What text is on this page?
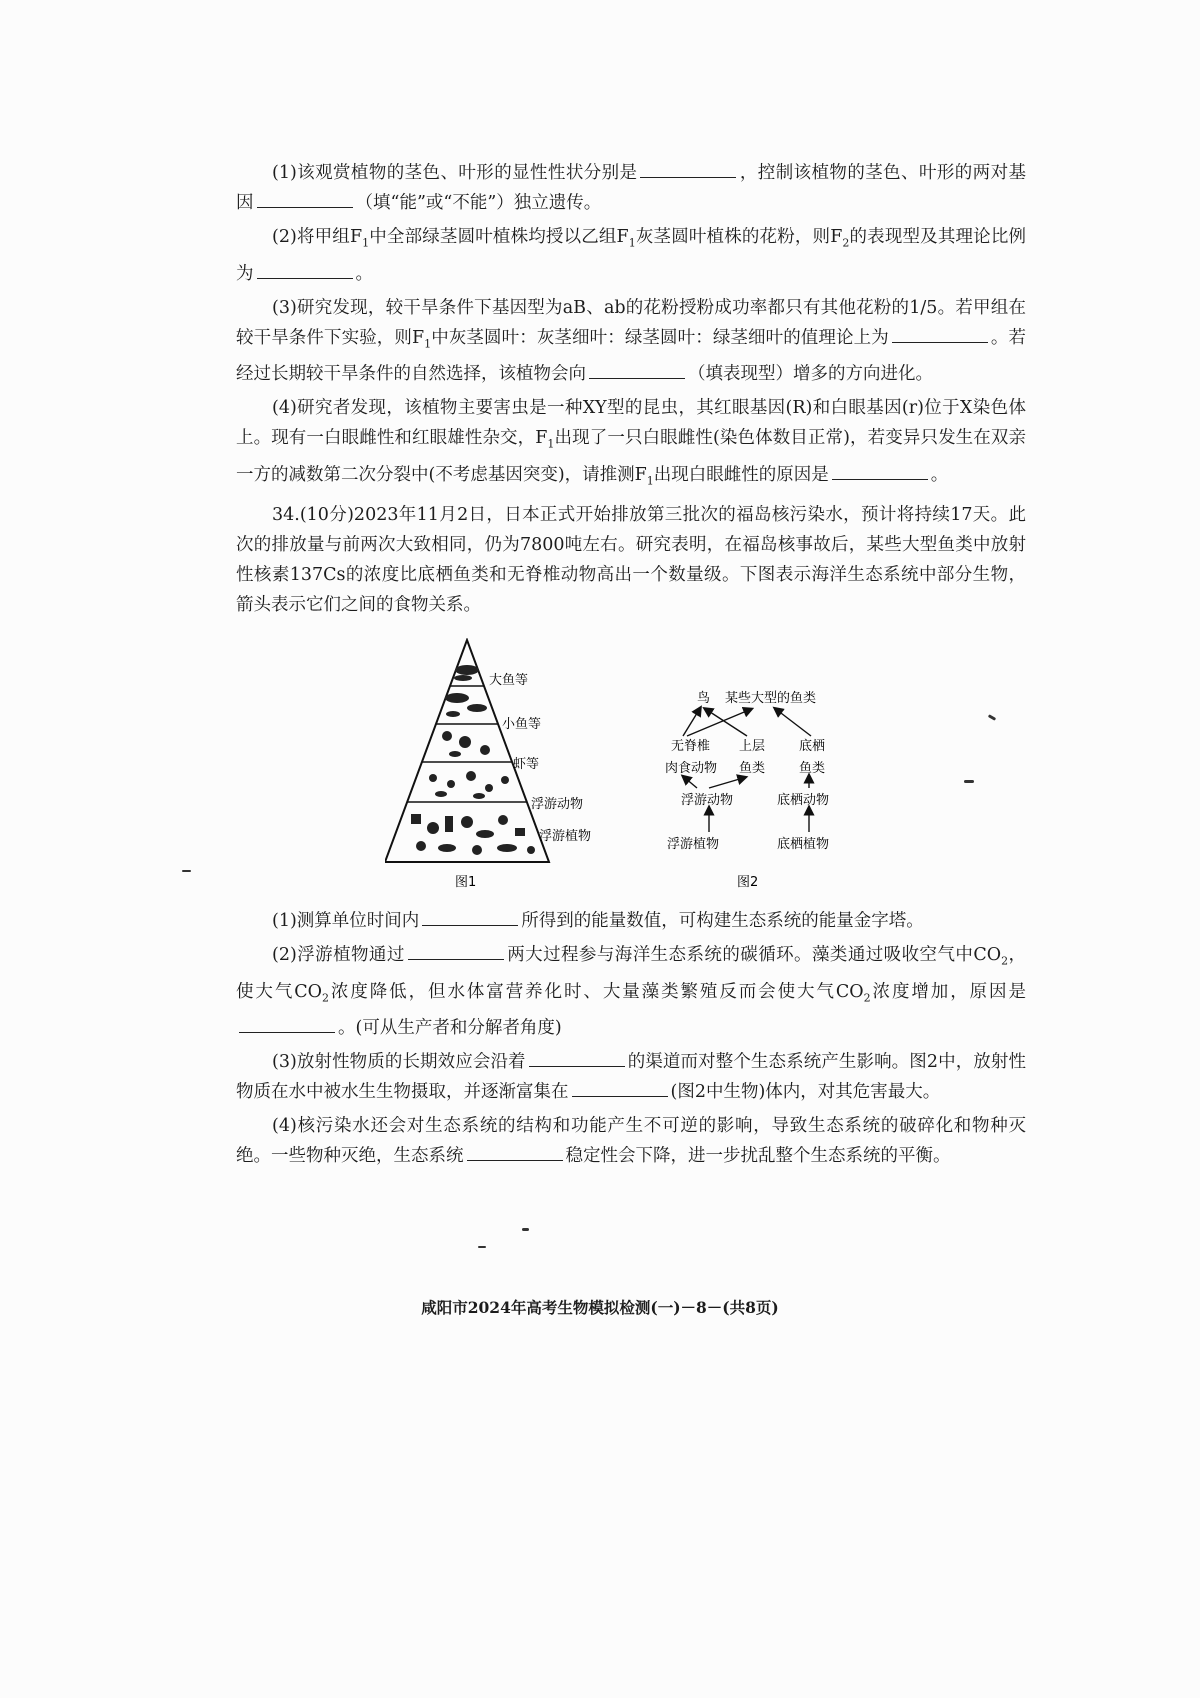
(1)该观赏植物的茎色、叶形的显性性状分别是	，控制该植物的茎色、叶形的两对基因	（填“能”或“不能”）独立遗传。

(2)将甲组$F_1$中全部绿茎圆叶植株均授以乙组$F_1$灰茎圆叶植株的花粉，则$F_2$的表现型及其理论比例为	。

(3)研究发现，较干旱条件下基因型为aB、ab的花粉授粉成功率都只有其他花粉的1/5。若甲组在较干旱条件下实验，则$F_1$中灰茎圆叶：灰茎细叶：绿茎圆叶：绿茎细叶的值理论上为	。若经过长期较干旱条件的自然选择，该植物会向	（填表现型）增多的方向进化。

(4)研究者发现，该植物主要害虫是一种XY型的昆虫，其红眼基因(R)和白眼基因(r)位于X染色体上。现有一白眼雌性和红眼雄性杂交，$F_1$出现了一只白眼雌性(染色体数目正常)，若变异只发生在双亲一方的减数第二次分裂中(不考虑基因突变)，请推测$F_1$出现白眼雌性的原因是	。

34.(10分)2023年11月2日，日本正式开始排放第三批次的福岛核污染水，预计将持续17天。此次的排放量与前两次大致相同，仍为7800吨左右。研究表明，在福岛核事故后，某些大型鱼类中放射性核素137Cs的浓度比底栖鱼类和无脊椎动物高出一个数量级。下图表示海洋生态系统中部分生物，箭头表示它们之间的食物关系。

大鱼等
小鱼等
虾等
浮游动物
浮游植物
图1
鸟 某些大型的鱼类
无脊椎
肉食动物
上层
鱼类
底栖
鱼类
浮游动物	底栖动物
浮游植物	底栖植物
图2

(1)测算单位时间内	所得到的能量数值，可构建生态系统的能量金字塔。

(2)浮游植物通过	两大过程参与海洋生态系统的碳循环。藻类通过吸收空气中$CO_2$，使大气$CO_2$浓度降低，但水体富营养化时、大量藻类繁殖反而会使大气$CO_2$浓度增加，原因是。(可从生产者和分解者角度)

(3)放射性物质的长期效应会沿着	的渠道而对整个生态系统产生影响。图2中，放射性物质在水中被水生生物摄取，并逐渐富集在	(图2中生物)体内，对其危害最大。

(4)核污染水还会对生态系统的结构和功能产生不可逆的影响，导致生态系统的破碎化和物种灭绝。一些物种灭绝，生态系统	稳定性会下降，进一步扰乱整个生态系统的平衡。

咸阳市2024年高考生物模拟检测(一)－8－(共8页)
